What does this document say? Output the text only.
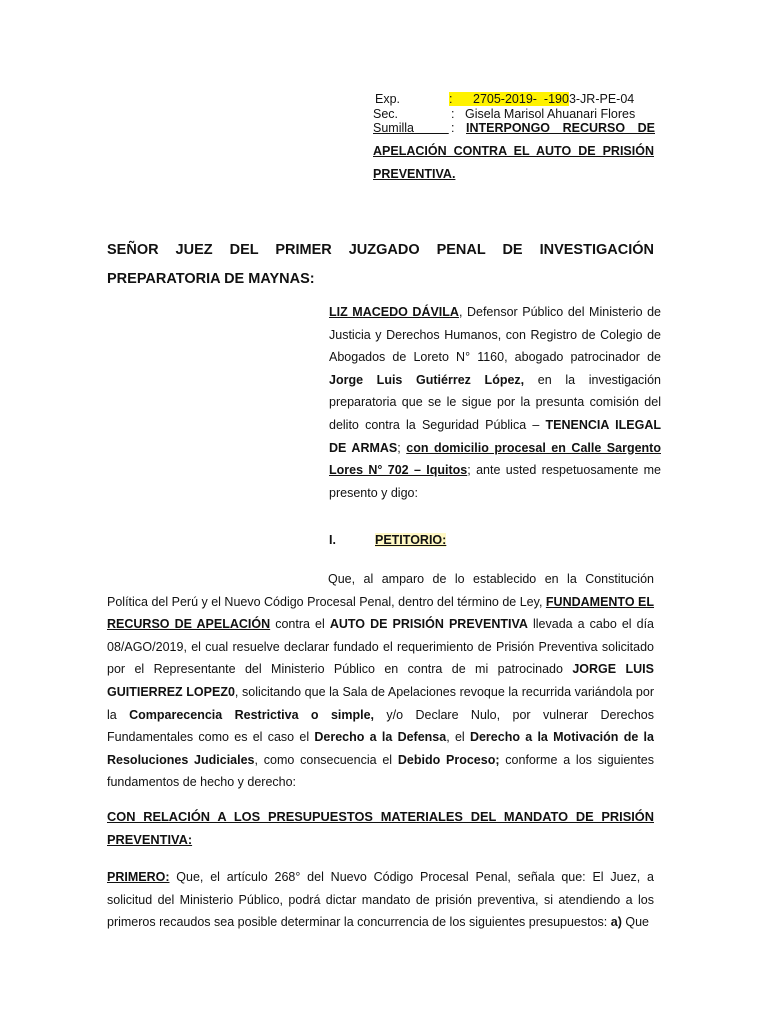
Exp.	:	2705-2019- -1903-JR-PE-04
Sec.	: Gisela Marisol Ahuanari Flores
Sumilla	: INTERPONGO RECURSO DE
APELACIÓN CONTRA EL AUTO DE PRISIÓN PREVENTIVA.
SEÑOR JUEZ DEL PRIMER JUZGADO PENAL DE INVESTIGACIÓN
PREPARATORIA DE MAYNAS:
LIZ MACEDO DÁVILA, Defensor Público del Ministerio de Justicia y Derechos Humanos, con Registro de Colegio de Abogados de Loreto N° 1160, abogado patrocinador de Jorge Luis Gutiérrez López, en la investigación preparatoria que se le sigue por la presunta comisión del delito contra la Seguridad Pública – TENENCIA ILEGAL DE ARMAS; con domicilio procesal en Calle Sargento Lores N° 702 – Iquitos; ante usted respetuosamente me presento y digo:
I.	PETITORIO:
Que, al amparo de lo establecido en la Constitución Política del Perú y el Nuevo Código Procesal Penal, dentro del término de Ley, FUNDAMENTO EL RECURSO DE APELACIÓN contra el AUTO DE PRISIÓN PREVENTIVA llevada a cabo el día 08/AGO/2019, el cual resuelve declarar fundado el requerimiento de Prisión Preventiva solicitado por el Representante del Ministerio Público en contra de mi patrocinado JORGE LUIS GUITIERREZ LOPEZ0, solicitando que la Sala de Apelaciones revoque la recurrida variándola por la Comparecencia Restrictiva o simple, y/o Declare Nulo, por vulnerar Derechos Fundamentales como es el caso el Derecho a la Defensa, el Derecho a la Motivación de la Resoluciones Judiciales, como consecuencia el Debido Proceso; conforme a los siguientes fundamentos de hecho y derecho:
CON RELACIÓN A LOS PRESUPUESTOS MATERIALES DEL MANDATO DE PRISIÓN PREVENTIVA:
PRIMERO: Que, el artículo 268° del Nuevo Código Procesal Penal, señala que: El Juez, a solicitud del Ministerio Público, podrá dictar mandato de prisión preventiva, si atendiendo a los primeros recaudos sea posible determinar la concurrencia de los siguientes presupuestos: a) Que
